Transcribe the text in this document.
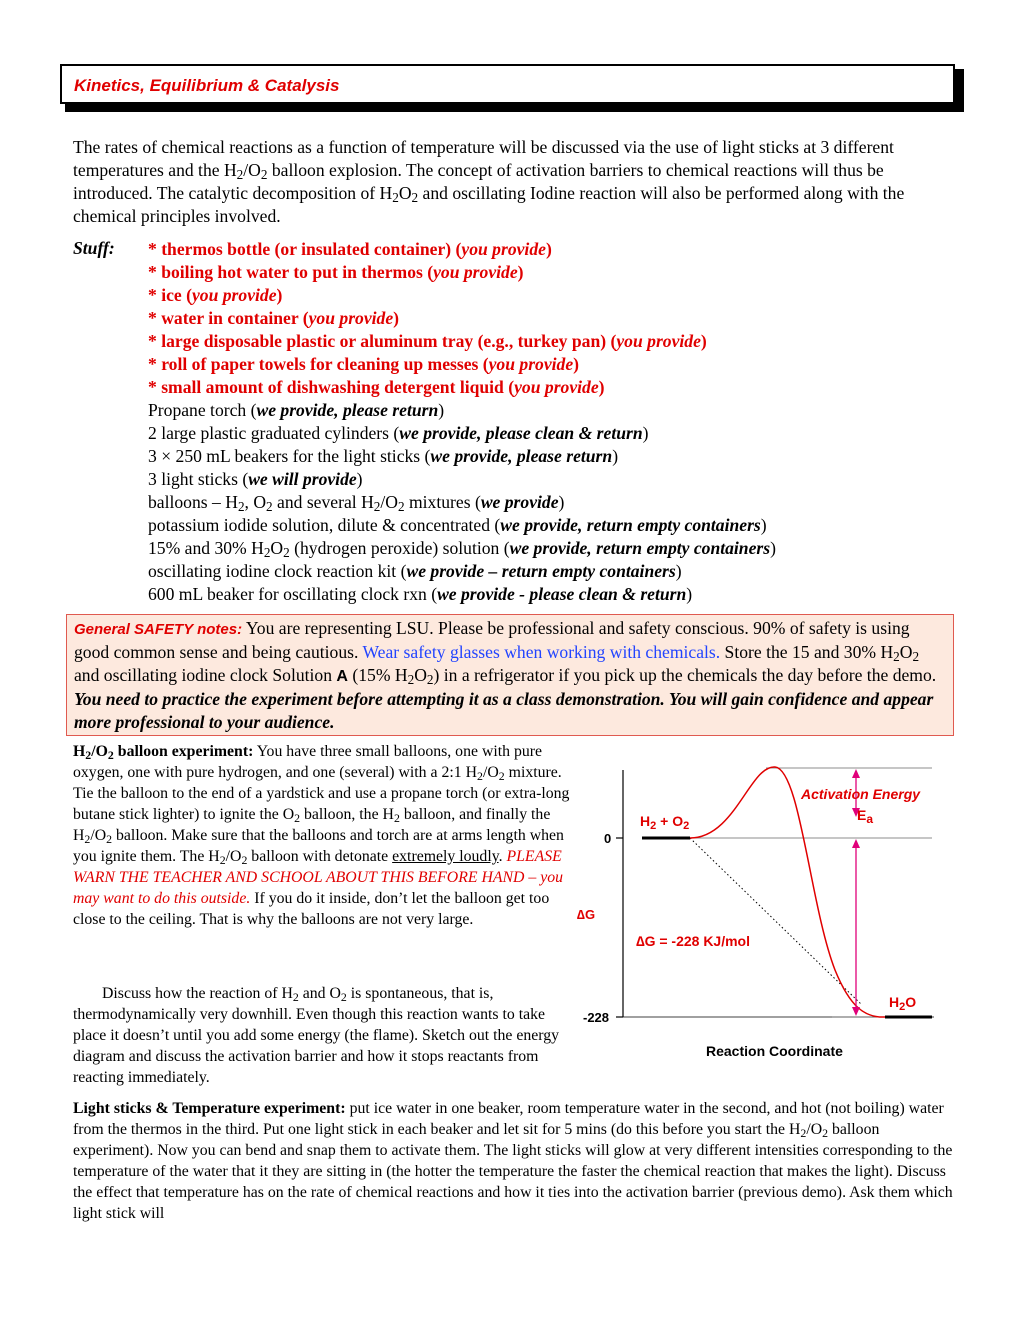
Kinetics, Equilibrium & Catalysis
The rates of chemical reactions as a function of temperature will be discussed via the use of light sticks at 3 different temperatures and the $H_2/O_2$ balloon explosion. The concept of activation barriers to chemical reactions will thus be introduced. The catalytic decomposition of $H_2O_2$ and oscillating Iodine reaction will also be performed along with the chemical principles involved.
Stuff: * thermos bottle (or insulated container) (you provide)
* boiling hot water to put in thermos (you provide)
* ice (you provide)
* water in container (you provide)
* large disposable plastic or aluminum tray (e.g., turkey pan) (you provide)
* roll of paper towels for cleaning up messes (you provide)
* small amount of dishwashing detergent liquid (you provide)
Propane torch (we provide, please return)
2 large plastic graduated cylinders (we provide, please clean & return)
3 × 250 mL beakers for the light sticks (we provide, please return)
3 light sticks (we will provide)
balloons – $H_2$, $O_2$ and several $H_2/O_2$ mixtures (we provide)
potassium iodide solution, dilute & concentrated (we provide, return empty containers)
15% and 30% $H_2O_2$ (hydrogen peroxide) solution (we provide, return empty containers)
oscillating iodine clock reaction kit (we provide – return empty containers)
600 mL beaker for oscillating clock rxn (we provide - please clean & return)
General SAFETY notes: You are representing LSU. Please be professional and safety conscious. 90% of safety is using good common sense and being cautious. Wear safety glasses when working with chemicals. Store the 15 and 30% $H_2O_2$ and oscillating iodine clock Solution A (15% $H_2O_2$) in a refrigerator if you pick up the chemicals the day before the demo. You need to practice the experiment before attempting it as a class demonstration. You will gain confidence and appear more professional to your audience.
$H_2/O_2$ balloon experiment: You have three small balloons, one with pure oxygen, one with pure hydrogen, and one (several) with a 2:1 $H_2/O_2$ mixture. Tie the balloon to the end of a yardstick and use a propane torch (or extra-long butane stick lighter) to ignite the $O_2$ balloon, the $H_2$ balloon, and finally the $H_2/O_2$ balloon. Make sure that the balloons and torch are at arms length when you ignite them. The $H_2/O_2$ balloon with detonate extremely loudly. PLEASE WARN THE TEACHER AND SCHOOL ABOUT THIS BEFORE HAND – you may want to do this outside. If you do it inside, don’t let the balloon get too close to the ceiling. That is why the balloons are not very large.
Discuss how the reaction of $H_2$ and $O_2$ is spontaneous, that is, thermodynamically very downhill. Even though this reaction wants to take place it doesn’t until you add some energy (the flame). Sketch out the energy diagram and discuss the activation barrier and how it stops reactants from reacting immediately.
Activation Energy
Ea
$H_2 + O_2$
0
∆G
∆G = -228 KJ/mol
$H_2O$
-228
Reaction Coordinate
Light sticks & Temperature experiment: put ice water in one beaker, room temperature water in the second, and hot (not boiling) water from the thermos in the third. Put one light stick in each beaker and let sit for 5 mins (do this before you start the $H_2/O_2$ balloon experiment). Now you can bend and snap them to activate them. The light sticks will glow at very different intensities corresponding to the temperature of the water that it they are sitting in (the hotter the temperature the faster the chemical reaction that makes the light). Discuss the effect that temperature has on the rate of chemical reactions and how it ties into the activation barrier (previous demo). Ask them which light stick will
